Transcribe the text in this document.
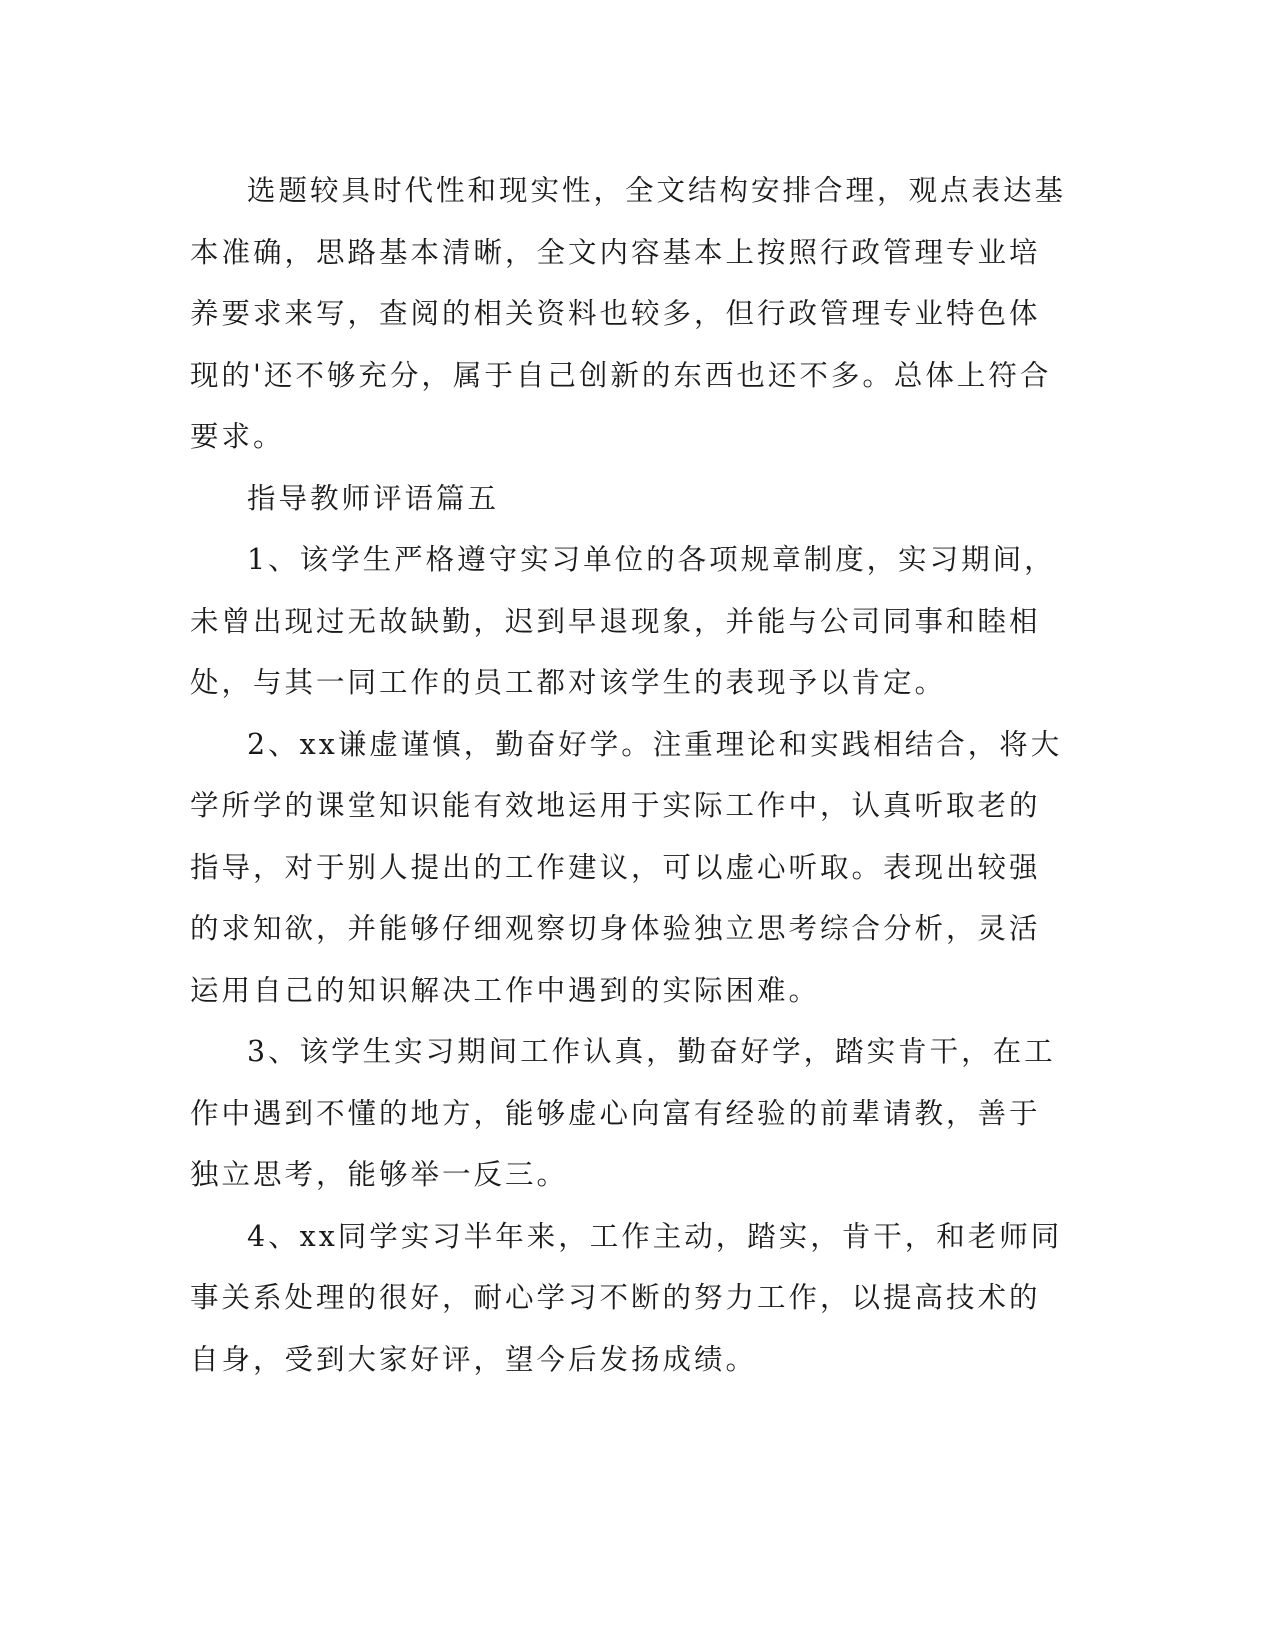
选题较具时代性和现实性，全文结构安排合理，观点表达基本准确，思路基本清晰，全文内容基本上按照行政管理专业培养要求来写，查阅的相关资料也较多，但行政管理专业特色体现的'还不够充分，属于自己创新的东西也还不多。总体上符合要求。

指导教师评语篇五

1、该学生严格遵守实习单位的各项规章制度，实习期间，未曾出现过无故缺勤，迟到早退现象，并能与公司同事和睦相处，与其一同工作的员工都对该学生的表现予以肯定。

2、xx谦虚谨慎，勤奋好学。注重理论和实践相结合，将大学所学的课堂知识能有效地运用于实际工作中，认真听取老的指导，对于别人提出的工作建议，可以虚心听取。表现出较强的求知欲，并能够仔细观察切身体验独立思考综合分析，灵活运用自己的知识解决工作中遇到的实际困难。

3、该学生实习期间工作认真，勤奋好学，踏实肯干，在工作中遇到不懂的地方，能够虚心向富有经验的前辈请教，善于独立思考，能够举一反三。

4、xx同学实习半年来，工作主动，踏实，肯干，和老师同事关系处理的很好，耐心学习不断的努力工作，以提高技术的自身，受到大家好评，望今后发扬成绩。
